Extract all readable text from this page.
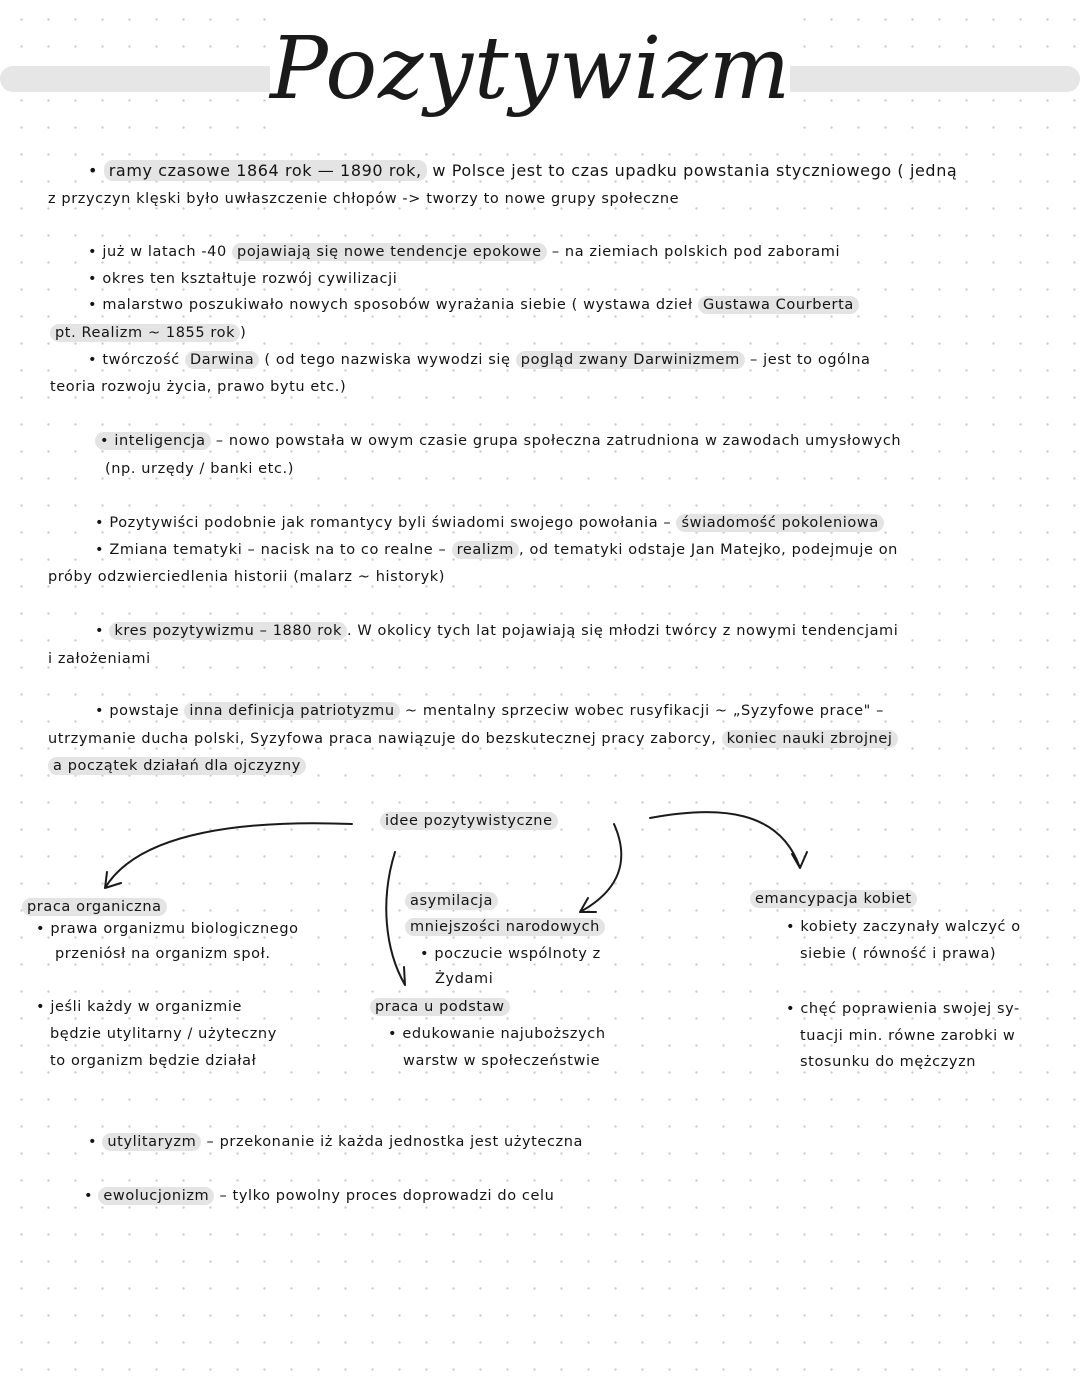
Pozytywizm
• ramy czasowe 1864 rok — 1890 rok, w Polsce jest to czas upadku powstania styczniowego ( jedną
z przyczyn klęski było uwłaszczenie chłopów -> tworzy to nowe grupy społeczne
• już w latach -40 pojawiają się nowe tendencje epokowe – na ziemiach polskich pod zaborami
• okres ten kształtuje rozwój cywilizacji
• malarstwo poszukiwało nowych sposobów wyrażania siebie ( wystawa dzieł Gustawa Courberta
pt. Realizm ~ 1855 rok )
• twórczość Darwina ( od tego nazwiska wywodzi się pogląd zwany Darwinizmem – jest to ogólna
teoria rozwoju życia, prawo bytu etc.)
• inteligencja – nowo powstała w owym czasie grupa społeczna zatrudniona w zawodach umysłowych
(np. urzędy / banki etc.)
• Pozytywiści podobnie jak romantycy byli świadomi swojego powołania – świadomość pokoleniowa
• Zmiana tematyki – nacisk na to co realne – realizm , od tematyki odstaje Jan Matejko, podejmuje on
próby odzwierciedlenia historii (malarz ~ historyk)
• kres pozytywizmu – 1880 rok . W okolicy tych lat pojawiają się młodzi twórcy z nowymi tendencjami
i założeniami
• powstaje inna definicja patriotyzmu ~ mentalny sprzeciw wobec rusyfikacji ~ „Syzyfowe prace" –
utrzymanie ducha polski, Syzyfowa praca nawiązuje do bezskutecznej pracy zaborcy, koniec nauki zbrojnej
a początek działań dla ojczyzny
idee pozytywistyczne
praca organiczna
• prawa organizmu biologicznego
przeniósł na organizm społ.
• jeśli każdy w organizmie
będzie utylitarny / użyteczny
to organizm będzie działał
asymilacja
mniejszości narodowych
• poczucie wspólnoty z
Żydami
praca u podstaw
• edukowanie najuboższych
warstw w społeczeństwie
emancypacja kobiet
• kobiety zaczynały walczyć o
siebie ( równość i prawa)
• chęć poprawienia swojej sy-
tuacji min. równe zarobki w
stosunku do mężczyzn
• utylitaryzm – przekonanie iż każda jednostka jest użyteczna
• ewolucjonizm – tylko powolny proces doprowadzi do celu
